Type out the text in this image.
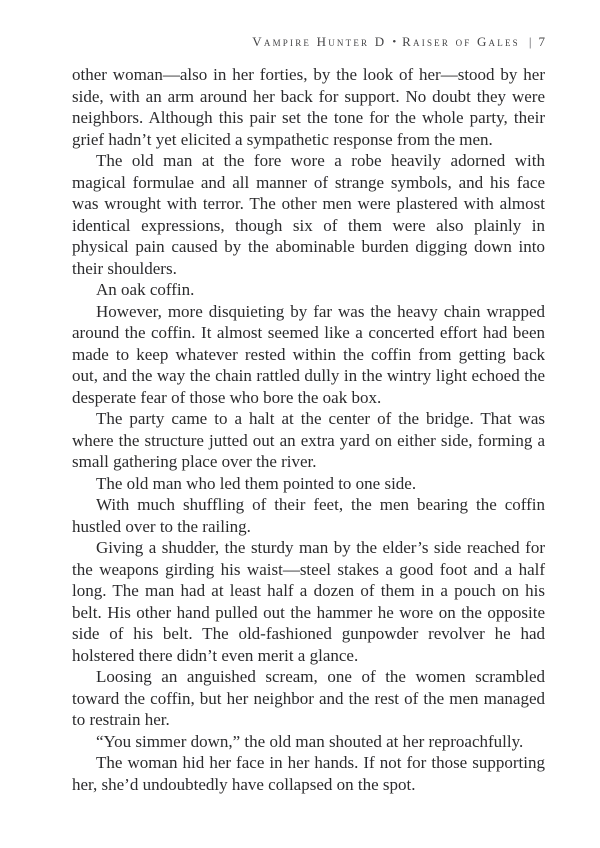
Vampire Hunter D • Raiser of Gales | 7

other woman—also in her forties, by the look of her—stood by her side, with an arm around her back for support. No doubt they were neighbors. Although this pair set the tone for the whole party, their grief hadn’t yet elicited a sympathetic response from the men.

The old man at the fore wore a robe heavily adorned with magical formulae and all manner of strange symbols, and his face was wrought with terror. The other men were plastered with almost identical expressions, though six of them were also plainly in physical pain caused by the abominable burden digging down into their shoulders.

An oak coffin.

However, more disquieting by far was the heavy chain wrapped around the coffin. It almost seemed like a concerted effort had been made to keep whatever rested within the coffin from getting back out, and the way the chain rattled dully in the wintry light echoed the desperate fear of those who bore the oak box.

The party came to a halt at the center of the bridge. That was where the structure jutted out an extra yard on either side, forming a small gathering place over the river.

The old man who led them pointed to one side.

With much shuffling of their feet, the men bearing the coffin hustled over to the railing.

Giving a shudder, the sturdy man by the elder’s side reached for the weapons girding his waist—steel stakes a good foot and a half long. The man had at least half a dozen of them in a pouch on his belt. His other hand pulled out the hammer he wore on the opposite side of his belt. The old-fashioned gunpowder revolver he had holstered there didn’t even merit a glance.

Loosing an anguished scream, one of the women scrambled toward the coffin, but her neighbor and the rest of the men managed to restrain her.

“You simmer down,” the old man shouted at her reproachfully.

The woman hid her face in her hands. If not for those supporting her, she’d undoubtedly have collapsed on the spot.
